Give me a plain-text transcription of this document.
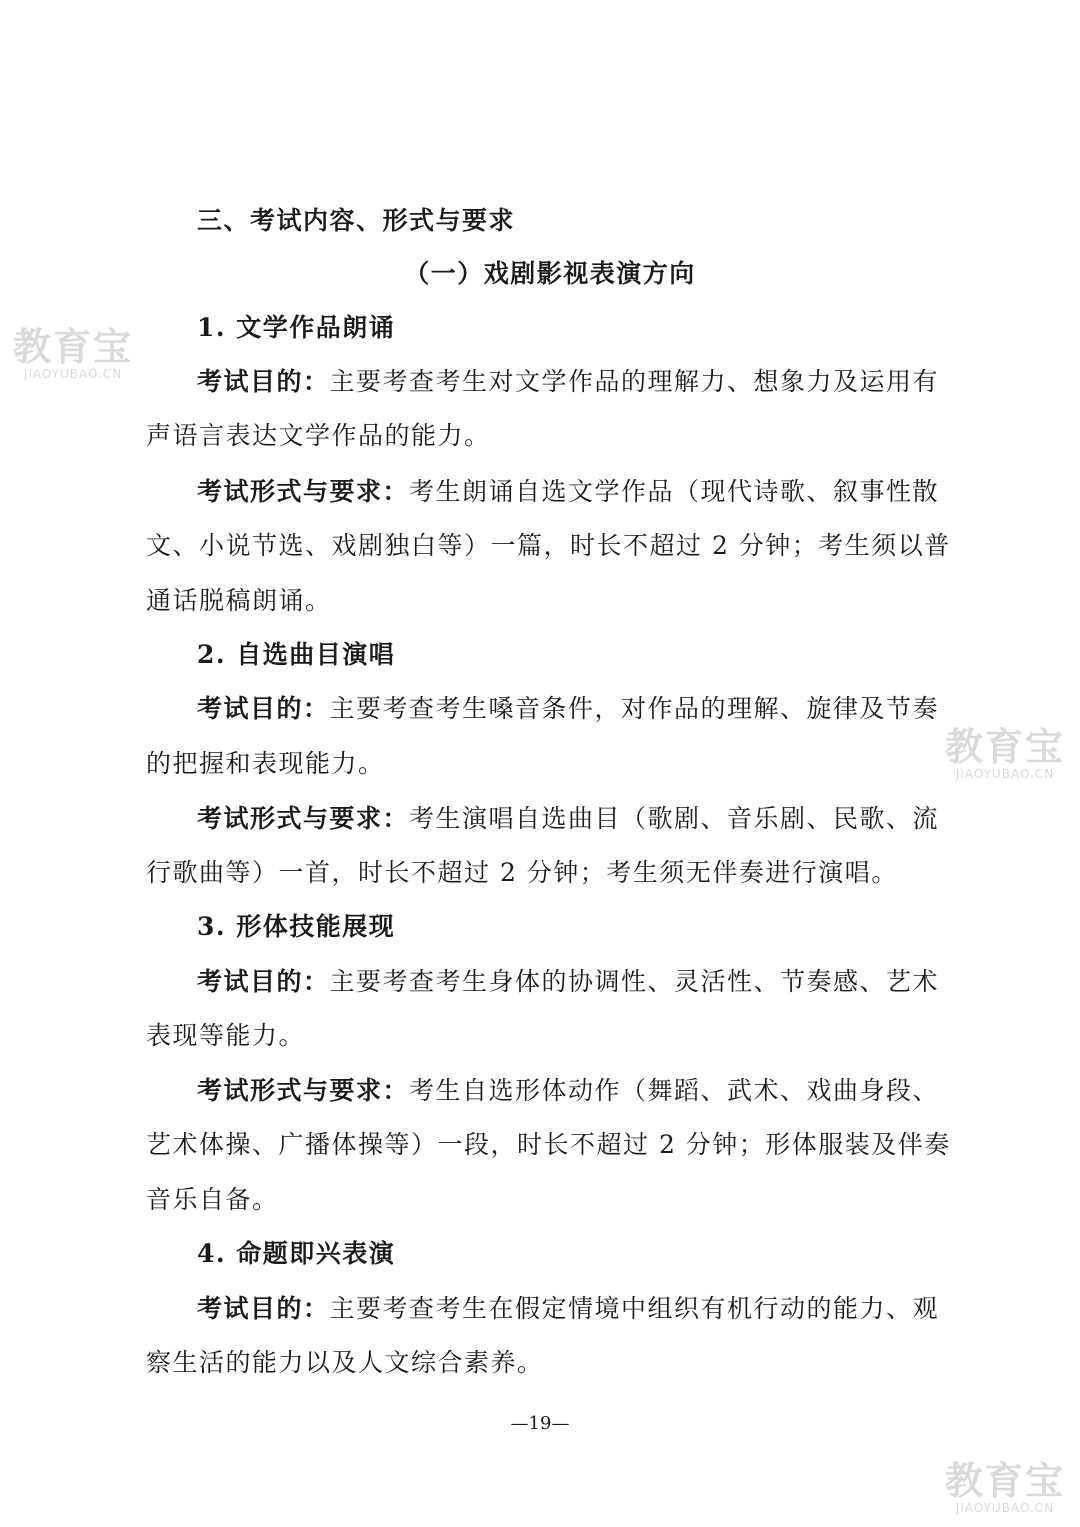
三、考试内容、形式与要求
（一）戏剧影视表演方向
1. 文学作品朗诵
考试目的：主要考查考生对文学作品的理解力、想象力及运用有
声语言表达文学作品的能力。
考试形式与要求：考生朗诵自选文学作品（现代诗歌、叙事性散
文、小说节选、戏剧独白等）一篇，时长不超过 2 分钟；考生须以普
通话脱稿朗诵。
2. 自选曲目演唱
考试目的：主要考查考生嗓音条件，对作品的理解、旋律及节奏
的把握和表现能力。
考试形式与要求：考生演唱自选曲目（歌剧、音乐剧、民歌、流
行歌曲等）一首，时长不超过 2 分钟；考生须无伴奏进行演唱。
3. 形体技能展现
考试目的：主要考查考生身体的协调性、灵活性、节奏感、艺术
表现等能力。
考试形式与要求：考生自选形体动作（舞蹈、武术、戏曲身段、
艺术体操、广播体操等）一段，时长不超过 2 分钟；形体服装及伴奏
音乐自备。
4. 命题即兴表演
考试目的：主要考查考生在假定情境中组织有机行动的能力、观
察生活的能力以及人文综合素养。
—19—
教育宝
JIAOYUBAO.CN
教育宝
JIAOYUBAO.CN
教育宝
JIAOYUBAO.CN
